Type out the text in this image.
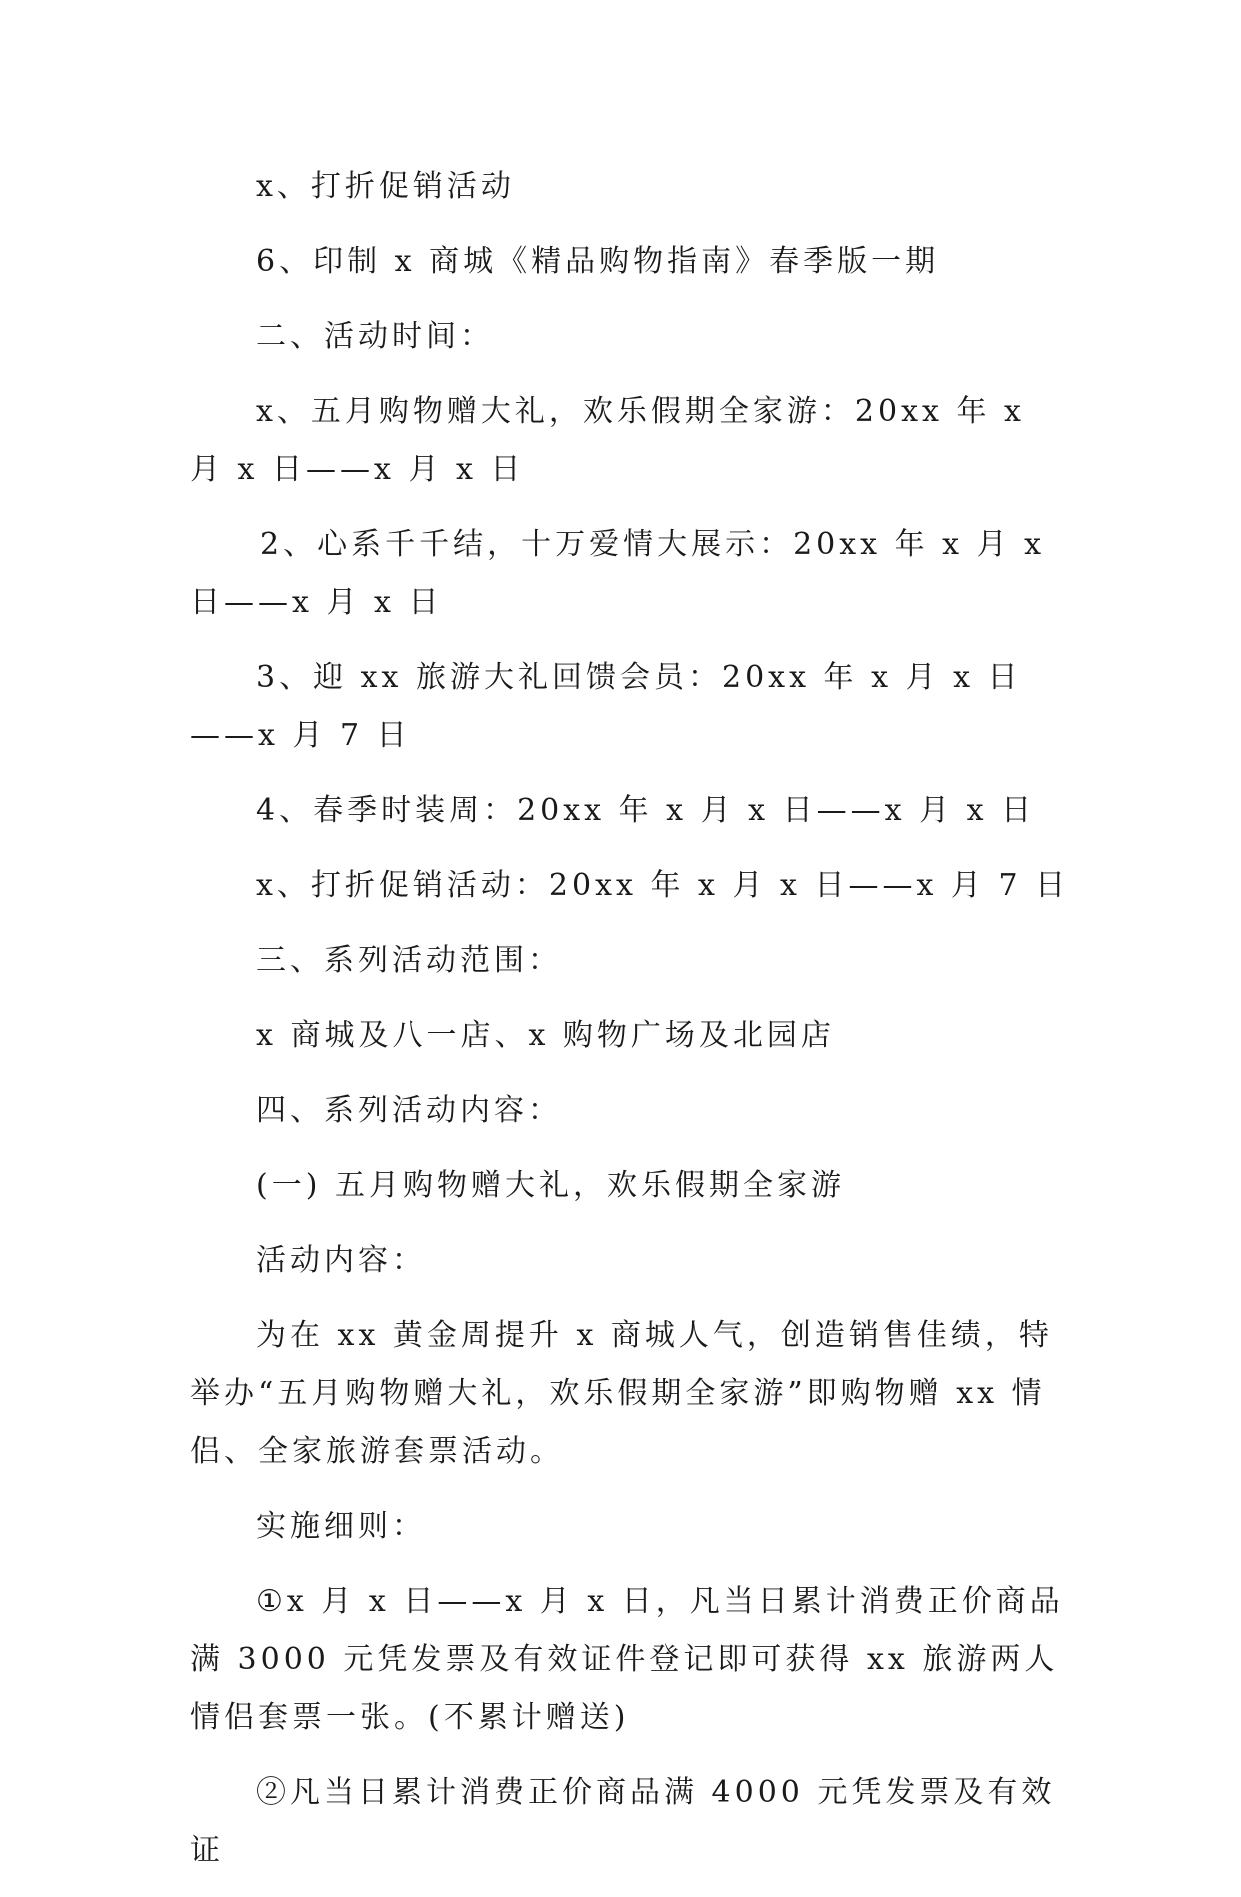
x、打折促销活动

6、印制 x 商城《精品购物指南》春季版一期

二、活动时间：

x、五月购物赠大礼，欢乐假期全家游：20xx 年 x 月 x 日——x 月 x 日

2、心系千千结，十万爱情大展示：20xx 年 x 月 x 日——x 月 x 日

3、迎 xx 旅游大礼回馈会员：20xx 年 x 月 x 日——x 月 7 日

4、春季时装周：20xx 年 x 月 x 日——x 月 x 日

x、打折促销活动：20xx 年 x 月 x 日——x 月 7 日

三、系列活动范围：

x 商城及八一店、x 购物广场及北园店

四、系列活动内容：

(一) 五月购物赠大礼，欢乐假期全家游

活动内容：

为在 xx 黄金周提升 x 商城人气，创造销售佳绩，特举办“五月购物赠大礼，欢乐假期全家游”即购物赠 xx 情侣、全家旅游套票活动。

实施细则：

①x 月 x 日——x 月 x 日，凡当日累计消费正价商品满 3000 元凭发票及有效证件登记即可获得 xx 旅游两人情侣套票一张。(不累计赠送)

②凡当日累计消费正价商品满 4000 元凭发票及有效证
